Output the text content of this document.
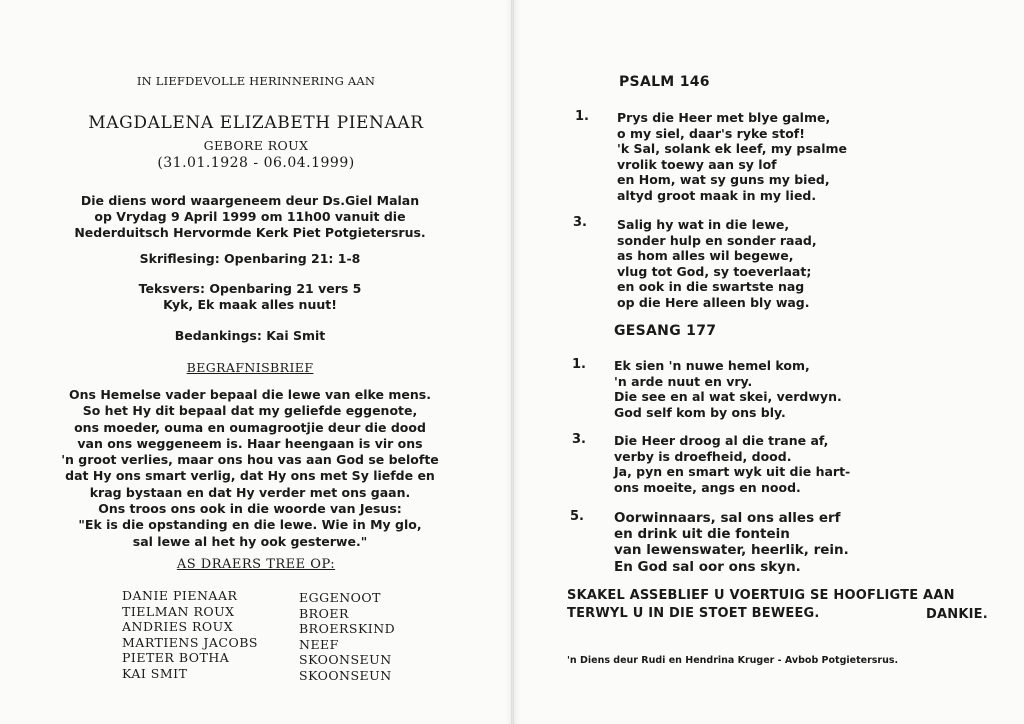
IN LIEFDEVOLLE HERINNERING AAN
MAGDALENA ELIZABETH PIENAAR
GEBORE ROUX
(31.01.1928 - 06.04.1999)
Die diens word waargeneem deur Ds.Giel Malan
op Vrydag 9 April 1999 om 11h00 vanuit die
Nederduitsch Hervormde Kerk Piet Potgietersrus.
Skriflesing: Openbaring 21: 1-8
Teksvers: Openbaring 21 vers 5
Kyk, Ek maak alles nuut!
Bedankings: Kai Smit
BEGRAFNISBRIEF
Ons Hemelse vader bepaal die lewe van elke mens.
So het Hy dit bepaal dat my geliefde eggenote,
ons moeder, ouma en oumagrootjie deur die dood
van ons weggeneem is. Haar heengaan is vir ons
'n groot verlies, maar ons hou vas aan God se belofte
dat Hy ons smart verlig, dat Hy ons met Sy liefde en
krag bystaan en dat Hy verder met ons gaan.
Ons troos ons ook in die woorde van Jesus:
"Ek is die opstanding en die lewe. Wie in My glo,
sal lewe al het hy ook gesterwe."
AS DRAERS TREE OP:
DANIE PIENAAR
TIELMAN ROUX
ANDRIES ROUX
MARTIENS JACOBS
PIETER BOTHA
KAI SMIT
EGGENOOT
BROER
BROERSKIND
NEEF
SKOONSEUN
SKOONSEUN
PSALM 146
1. Prys die Heer met blye galme,
o my siel, daar's ryke stof!
'k Sal, solank ek leef, my psalme
vrolik toewy aan sy lof
en Hom, wat sy guns my bied,
altyd groot maak in my lied.
3. Salig hy wat in die lewe,
sonder hulp en sonder raad,
as hom alles wil begewe,
vlug tot God, sy toeverlaat;
en ook in die swartste nag
op die Here alleen bly wag.
GESANG 177
1. Ek sien 'n nuwe hemel kom,
'n arde nuut en vry.
Die see en al wat skei, verdwyn.
God self kom by ons bly.
3. Die Heer droog al die trane af,
verby is droefheid, dood.
Ja, pyn en smart wyk uit die hart-
ons moeite, angs en nood.
5. Oorwinnaars, sal ons alles erf
en drink uit die fontein
van lewenswater, heerlik, rein.
En God sal oor ons skyn.
SKAKEL ASSEBLIEF U VOERTUIG SE HOOFLIGTE AAN
TERWYL U IN DIE STOET BEWEEG.	DANKIE.
'n Diens deur Rudi en Hendrina Kruger - Avbob Potgietersrus.
